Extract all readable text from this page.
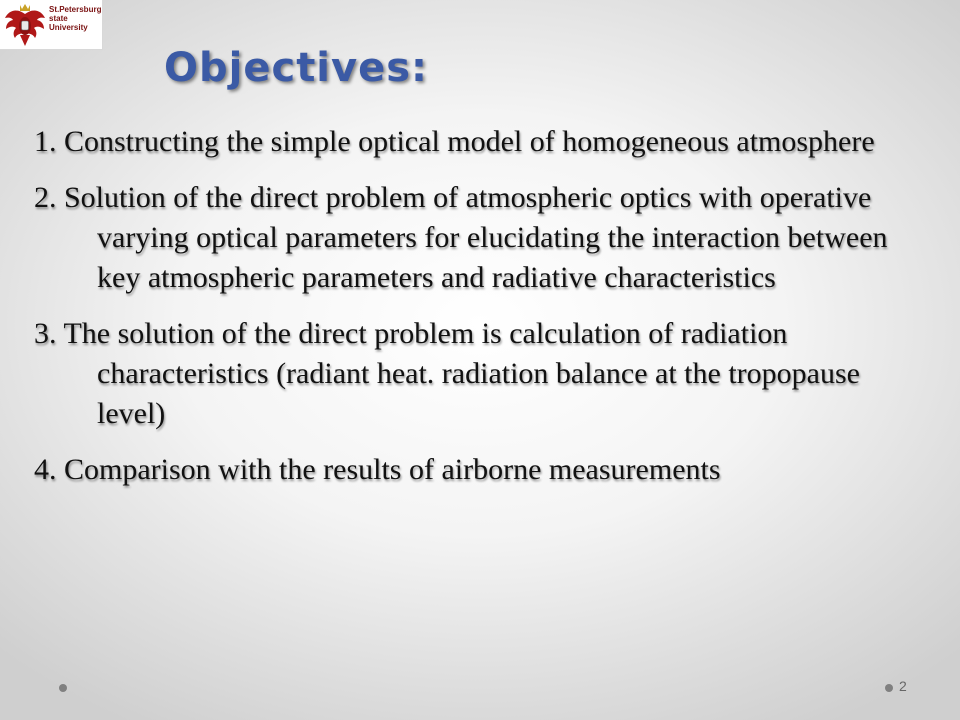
St.Petersburg
state
University
Objectives:

1. Constructing the simple optical model of homogeneous atmosphere

2. Solution of the direct problem of atmospheric optics with operative varying optical parameters for elucidating the interaction between key atmospheric parameters and radiative characteristics

3. The solution of the direct problem is calculation of radiation characteristics (radiant heat. radiation balance at the tropopause level)

4. Comparison with the results of airborne measurements

2
